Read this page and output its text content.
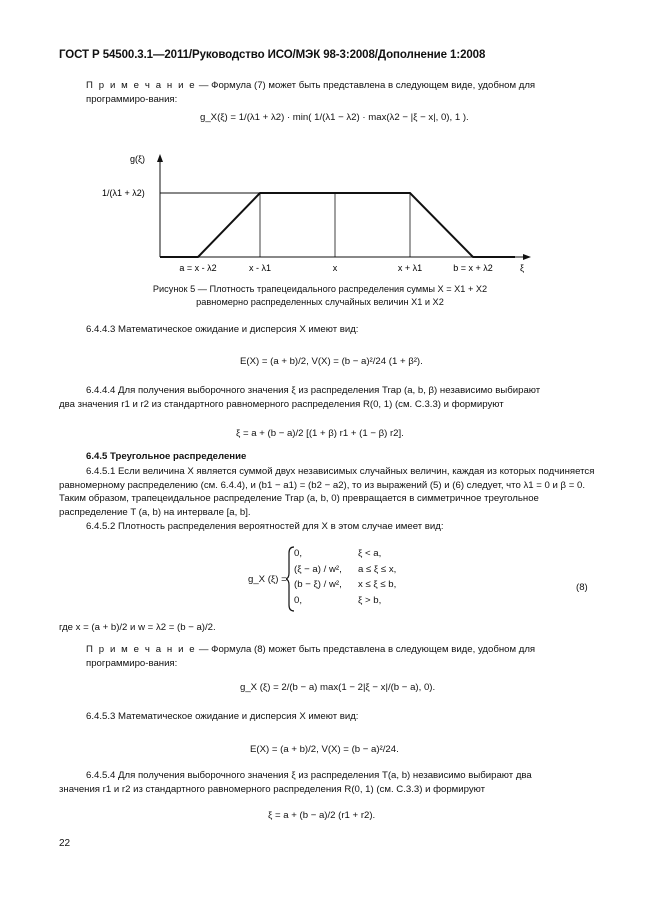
ГОСТ Р 54500.3.1—2011/Руководство ИСО/МЭК 98-3:2008/Дополнение 1:2008
П р и м е ч а н и е — Формула (7) может быть представлена в следующем виде, удобном для программиро-вания:
g_X(ξ) = 1/(λ1 + λ2) · min( 1/(λ1 − λ2) · max(λ2 − |ξ − x|, 0), 1 ).
g(ξ)
1/(λ1 + λ2)
ξ
a = x - λ2	x - λ1	x	x + λ1	b = x + λ2
Рисунок 5 — Плотность трапецеидального распределения суммы X = X1 + X2
равномерно распределенных случайных величин X1 и X2
6.4.4.3 Математическое ожидание и дисперсия X имеют вид:
E(X) = (a + b)/2, V(X) = (b − a)²/24 (1 + β²).
6.4.4.4 Для получения выборочного значения ξ из распределения Trap (a, b, β) независимо выбирают
два значения r1 и r2 из стандартного равномерного распределения R(0, 1) (см. С.3.3) и формируют
ξ = a + (b − a)/2 [(1 + β) r1 + (1 − β) r2].
6.4.5 Треугольное распределение
6.4.5.1 Если величина X является суммой двух независимых случайных величин, каждая из которых подчиняется равномерному распределению (см. 6.4.4), и (b1 − a1) = (b2 − a2), то из выражений (5) и (6) следует, что λ1 = 0 и β = 0. Таким образом, трапецеидальное распределение Trap (a, b, 0) превращается в симметричное треугольное распределение T (a, b) на интервале [a, b].
6.4.5.2 Плотность распределения вероятностей для X в этом случае имеет вид:
g_X (ξ) =
0,	ξ < a,
(ξ − a) / w², a ≤ ξ ≤ x,
(b − ξ) / w², x ≤ ξ ≤ b,
0,	ξ > b,
(8)
где x = (a + b)/2 и w = λ2 = (b − a)/2.
П р и м е ч а н и е — Формула (8) может быть представлена в следующем виде, удобном для программиро-вания:
g_X (ξ) = 2/(b − a) max(1 − 2|ξ − x|/(b − a), 0).
6.4.5.3 Математическое ожидание и дисперсия X имеют вид:
E(X) = (a + b)/2, V(X) = (b − a)²/24.
6.4.5.4 Для получения выборочного значения ξ из распределения T(a, b) независимо выбирают два
значения r1 и r2 из стандартного равномерного распределения R(0, 1) (см. С.3.3) и формируют
ξ = a + (b − a)/2 (r1 + r2).
22
